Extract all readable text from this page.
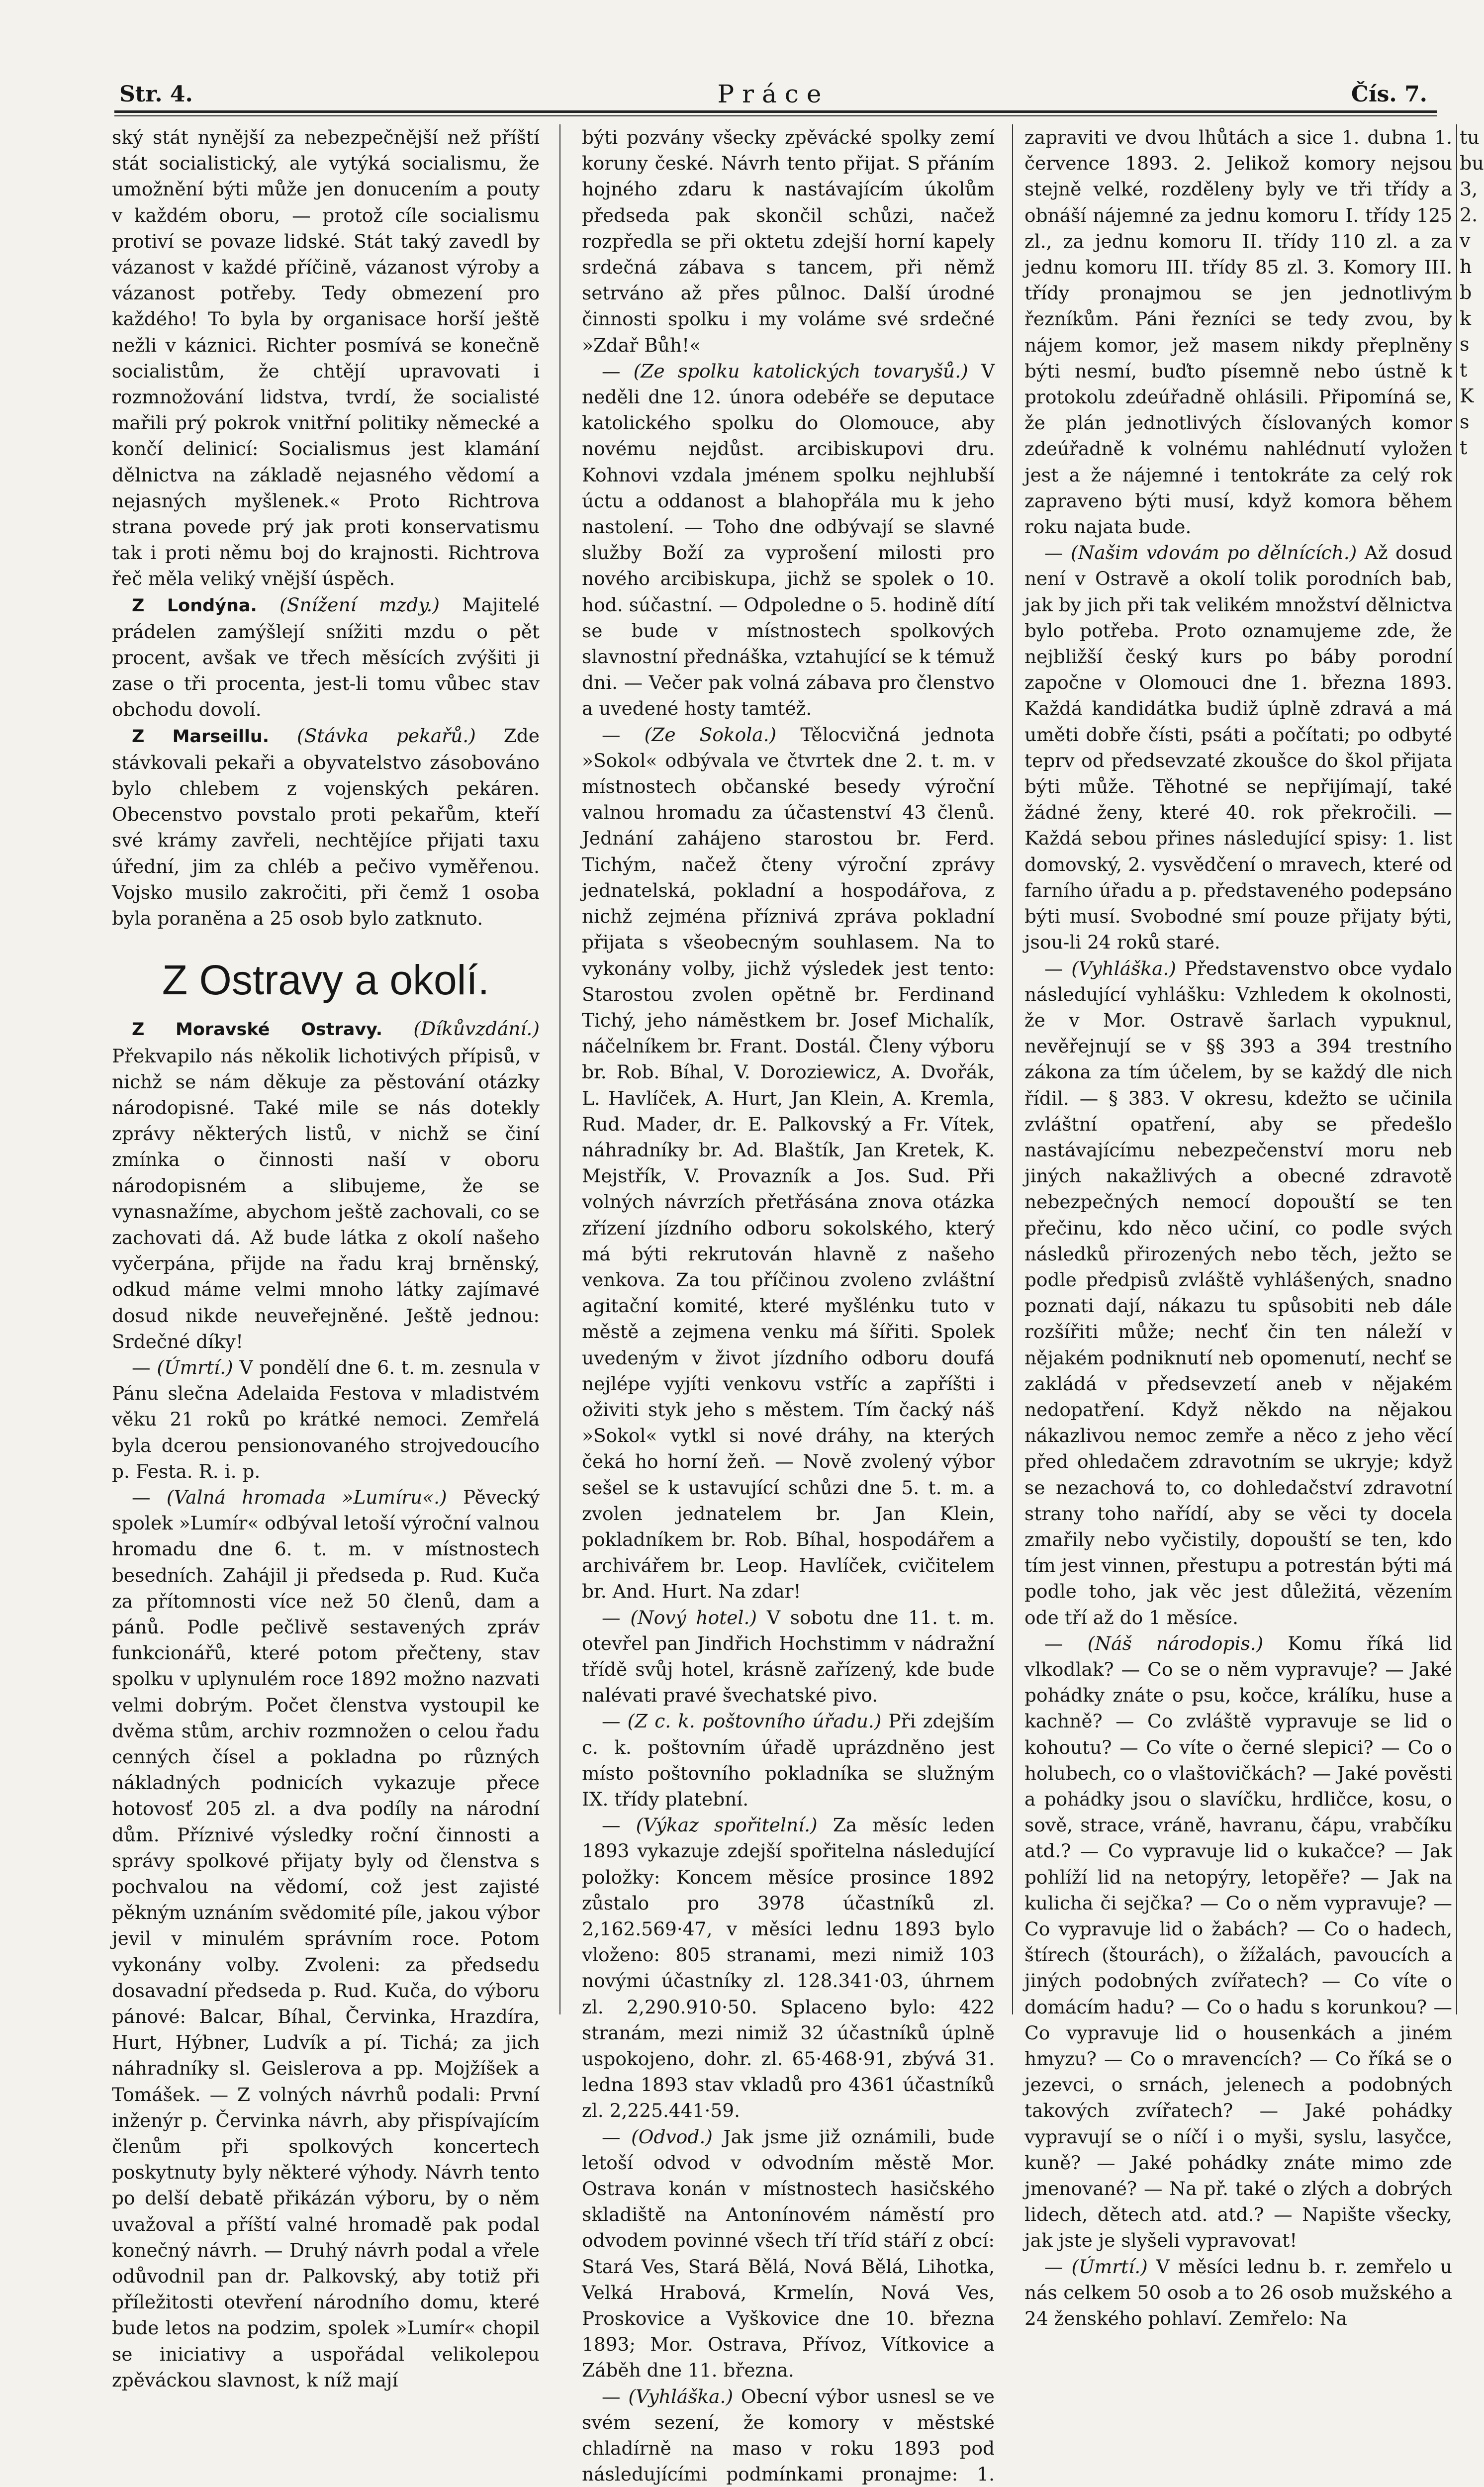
Str. 4.	Práce	Čís. 7.

ský stát nynější za nebezpečnější než příští stát socialistický, ale vytýká socialismu, že umožnění býti může jen donucením a pouty v každém oboru, — protož cíle socialismu protiví se povaze lidské. Stát taký zavedl by vázanost v každé příčině, vázanost výroby a vázanost potřeby. Tedy obmezení pro každého! To byla by organisace horší ještě nežli v káznici. Richter posmívá se konečně socialistům, že chtějí upravovati i rozmnožování lidstva, tvrdí, že socialisté mařili prý pokrok vnitřní politiky německé a končí delinicí: Socialismus jest klamání dělnictva na základě nejasného vědomí a nejasných myšlenek.« Proto Richtrova strana povede prý jak proti konservatismu tak i proti němu boj do krajnosti. Richtrova řeč měla veliký vnější úspěch.

Z Londýna. (Snížení mzdy.) Majitelé prádelen zamýšlejí snížiti mzdu o pět procent, avšak ve třech měsících zvýšiti ji zase o tři procenta, jest-li tomu vůbec stav obchodu dovolí.

Z Marseillu. (Stávka pekařů.) Zde stávkovali pekaři a obyvatelstvo zásobováno bylo chlebem z vojenských pekáren. Obecenstvo povstalo proti pekařům, kteří své krámy zavřeli, nechtějíce přijati taxu úřední, jim za chléb a pečivo vyměřenou. Vojsko musilo zakročiti, při čemž 1 osoba byla poraněna a 25 osob bylo zatknuto.

Z Ostravy a okolí.

Z Moravské Ostravy. (Díkůvzdání.) Překvapilo nás několik lichotivých přípisů, v nichž se nám děkuje za pěstování otázky národopisné. Také mile se nás dotekly zprávy některých listů, v nichž se činí zmínka o činnosti naší v oboru národopisném a slibujeme, že se vynasnažíme, abychom ještě zachovali, co se zachovati dá. Až bude látka z okolí našeho vyčerpána, přijde na řadu kraj brněnský, odkud máme velmi mnoho látky zajímavé dosud nikde neuveřejněné. Ještě jednou: Srdečné díky!

— (Úmrtí.) V pondělí dne 6. t. m. zesnula v Pánu slečna Adelaida Festova v mladistvém věku 21 roků po krátké nemoci. Zemřelá byla dcerou pensionovaného strojvedoucího p. Festa. R. i. p.

— (Valná hromada »Lumíru«.) Pěvecký spolek »Lumír« odbýval letoší výroční valnou hromadu dne 6. t. m. v místnostech besedních. Zahájil ji předseda p. Rud. Kuča za přítomnosti více než 50 členů, dam a pánů. Podle pečlivě sestavených zpráv funkcionářů, které potom přečteny, stav spolku v uplynulém roce 1892 možno nazvati velmi dobrým. Počet členstva vystoupil ke dvěma stům, archiv rozmnožen o celou řadu cenných čísel a pokladna po různých nákladných podnicích vykazuje přece hotovosť 205 zl. a dva podíly na národní dům. Příznivé výsledky roční činnosti a správy spolkové přijaty byly od členstva s pochvalou na vědomí, což jest zajisté pěkným uznáním svědomité píle, jakou výbor jevil v minulém správním roce. Potom vykonány volby. Zvoleni: za předsedu dosavadní předseda p. Rud. Kuča, do výboru pánové: Balcar, Bíhal, Červinka, Hrazdíra, Hurt, Hýbner, Ludvík a pí. Tichá; za jich náhradníky sl. Geislerova a pp. Mojžíšek a Tomášek. — Z volných návrhů podali: První inženýr p. Červinka návrh, aby přispívajícím členům při spolkových koncertech poskytnuty byly některé výhody. Návrh tento po delší debatě přikázán výboru, by o něm uvažoval a příští valné hromadě pak podal konečný návrh. — Druhý návrh podal a vřele odůvodnil pan dr. Palkovský, aby totiž při příležitosti otevření národního domu, které bude letos na podzim, spolek »Lumír« chopil se iniciativy a uspořádal velikolepou zpěváckou slavnost, k níž mají

býti pozvány všecky zpěvácké spolky zemí koruny české. Návrh tento přijat. S přáním hojného zdaru k nastávajícím úkolům předseda pak skončil schůzi, načež rozpředla se při oktetu zdejší horní kapely srdečná zábava s tancem, při němž setrváno až přes půlnoc. Další úrodné činnosti spolku i my voláme své srdečné »Zdař Bůh!«

— (Ze spolku katolických tovaryšů.) V neděli dne 12. února odebéře se deputace katolického spolku do Olomouce, aby novému nejdůst. arcibiskupovi dru. Kohnovi vzdala jménem spolku nejhlubší úctu a oddanost a blahopřála mu k jeho nastolení. — Toho dne odbývají se slavné služby Boží za vyprošení milosti pro nového arcibiskupa, jichž se spolek o 10. hod. súčastní. — Odpoledne o 5. hodině dítí se bude v místnostech spolkových slavnostní přednáška, vztahující se k témuž dni. — Večer pak volná zábava pro členstvo a uvedené hosty tamtéž.

— (Ze Sokola.) Tělocvičná jednota »Sokol« odbývala ve čtvrtek dne 2. t. m. v místnostech občanské besedy výroční valnou hromadu za účastenství 43 členů. Jednání zahájeno starostou br. Ferd. Tichým, načež čteny výroční zprávy jednatelská, pokladní a hospodářova, z nichž zejména příznivá zpráva pokladní přijata s všeobecným souhlasem. Na to vykonány volby, jichž výsledek jest tento: Starostou zvolen opětně br. Ferdinand Tichý, jeho náměstkem br. Josef Michalík, náčelníkem br. Frant. Dostál. Členy výboru br. Rob. Bíhal, V. Doroziewicz, A. Dvořák, L. Havlíček, A. Hurt, Jan Klein, A. Kremla, Rud. Mader, dr. E. Palkovský a Fr. Vítek, náhradníky br. Ad. Blaštík, Jan Kretek, K. Mejstřík, V. Provazník a Jos. Sud. Při volných návrzích přetřásána znova otázka zřízení jízdního odboru sokolského, který má býti rekrutován hlavně z našeho venkova. Za tou příčinou zvoleno zvláštní agitační komité, které myšlénku tuto v městě a zejmena venku má šířiti. Spolek uvedeným v život jízdního odboru doufá nejlépe vyjíti venkovu vstříc a zapříšti i oživiti styk jeho s městem. Tím čacký náš »Sokol« vytkl si nové dráhy, na kterých čeká ho horní žeň. — Nově zvolený výbor sešel se k ustavující schůzi dne 5. t. m. a zvolen jednatelem br. Jan Klein, pokladníkem br. Rob. Bíhal, hospodářem a archivářem br. Leop. Havlíček, cvičitelem br. And. Hurt. Na zdar!

— (Nový hotel.) V sobotu dne 11. t. m. otevřel pan Jindřich Hochstimm v nádražní třídě svůj hotel, krásně zařízený, kde bude nalévati pravé švechatské pivo.

— (Z c. k. poštovního úřadu.) Při zdejším c. k. poštovním úřadě uprázdněno jest místo poštovního pokladníka se služným IX. třídy platební.

— (Výkaz spořitelní.) Za měsíc leden 1893 vykazuje zdejší spořitelna následující položky: Koncem měsíce prosince 1892 zůstalo pro 3978 účastníků zl. 2,162.569·47, v měsíci lednu 1893 bylo vloženo: 805 stranami, mezi nimiž 103 novými účastníky zl. 128.341·03, úhrnem zl. 2,290.910·50. Splaceno bylo: 422 stranám, mezi nimiž 32 účastníků úplně uspokojeno, dohr. zl. 65·468·91, zbývá 31. ledna 1893 stav vkladů pro 4361 účastníků zl. 2,225.441·59.

— (Odvod.) Jak jsme již oznámili, bude letoší odvod v odvodním městě Mor. Ostrava konán v místnostech hasičského skladiště na Antonínovém náměstí pro odvodem povinné všech tří tříd stáří z obcí: Stará Ves, Stará Bělá, Nová Bělá, Lihotka, Velká Hrabová, Krmelín, Nová Ves, Proskovice a Vyškovice dne 10. března 1893; Mor. Ostrava, Přívoz, Vítkovice a Záběh dne 11. března.

— (Vyhláška.) Obecní výbor usnesl se ve svém sezení, že komory v městské chladírně na maso v roku 1893 pod následujícími podmínkami pronajme: 1.

zapraviti ve dvou lhůtách a sice 1. dubna 1. července 1893. 2. Jelikož komory nejsou stejně velké, rozděleny byly ve tři třídy a obnáší nájemné za jednu komoru I. třídy 125 zl., za jednu komoru II. třídy 110 zl. a za jednu komoru III. třídy 85 zl. 3. Komory III. třídy pronajmou se jen jednotlivým řezníkům. Páni řezníci se tedy zvou, by nájem komor, jež masem nikdy přeplněny býti nesmí, buďto písemně nebo ústně k protokolu zdeúřadně ohlásili. Připomíná se, že plán jednotlivých číslovaných komor zdeúřadně k volnému nahlédnutí vyložen jest a že nájemné i tentokráte za celý rok zapraveno býti musí, když komora během roku najata bude.

— (Našim vdovám po dělnících.) Až dosud není v Ostravě a okolí tolik porodních bab, jak by jich při tak velikém množství dělnictva bylo potřeba. Proto oznamujeme zde, že nejbližší český kurs po báby porodní započne v Olomouci dne 1. března 1893. Každá kandidátka budiž úplně zdravá a má uměti dobře čísti, psáti a počítati; po odbyté teprv od předsevzaté zkoušce do škol přijata býti může. Těhotné se nepřijímají, také žádné ženy, které 40. rok překročili. — Každá sebou přines následující spisy: 1. list domovský, 2. vysvědčení o mravech, které od farního úřadu a p. představeného podepsáno býti musí. Svobodné smí pouze přijaty býti, jsou-li 24 roků staré.

— (Vyhláška.) Představenstvo obce vydalo následující vyhlášku: Vzhledem k okolnosti, že v Mor. Ostravě šarlach vypuknul, nevěřejnují se v §§ 393 a 394 trestního zákona za tím účelem, by se každý dle nich řídil. — § 383. V okresu, kdežto se učinila zvláštní opatření, aby se předešlo nastávajícímu nebezpečenství moru neb jiných nakažlivých a obecné zdravotě nebezpečných nemocí dopouští se ten přečinu, kdo něco učiní, co podle svých následků přirozených nebo těch, ježto se podle předpisů zvláště vyhlášených, snadno poznati dají, nákazu tu spůsobiti neb dále rozšířiti může; nechť čin ten náleží v nějakém podniknutí neb opomenutí, nechť se zakládá v předsevzetí aneb v nějakém nedopatření. Když někdo na nějakou nákazlivou nemoc zemře a něco z jeho věcí před ohledačem zdravotním se ukryje; když se nezachová to, co dohledačství zdravotní strany toho nařídí, aby se věci ty docela zmařily nebo vyčistily, dopouští se ten, kdo tím jest vinnen, přestupu a potrestán býti má podle toho, jak věc jest důležitá, vězením ode tří až do 1 měsíce.

— (Náš národopis.) Komu říká lid vlkodlak? — Co se o něm vypravuje? — Jaké pohádky znáte o psu, kočce, králíku, huse a kachně? — Co zvláště vypravuje se lid o kohoutu? — Co víte o černé slepici? — Co o holubech, co o vlaštovičkách? — Jaké pověsti a pohádky jsou o slavíčku, hrdličce, kosu, o sově, strace, vráně, havranu, čápu, vrabčíku atd.? — Co vypravuje lid o kukačce? — Jak pohlíží lid na netopýry, letopěře? — Jak na kulicha či sejčka? — Co o něm vypravuje? — Co vypravuje lid o žabách? — Co o hadech, štírech (štourách), o žížalách, pavoucích a jiných podobných zvířatech? — Co víte o domácím hadu? — Co o hadu s korunkou? — Co vypravuje lid o housenkách a jiném hmyzu? — Co o mravencích? — Co říká se o jezevci, o srnách, jelenech a podobných takových zvířatech? — Jaké pohádky vypravují se o níčí i o myši, syslu, lasyčce, kuně? — Jaké pohádky znáte mimo zde jmenované? — Na př. také o zlých a dobrých lidech, dětech atd. atd.? — Napište všecky, jak jste je slyšeli vypravovat!

— (Úmrtí.) V měsíci lednu b. r. zemřelo u nás celkem 50 osob a to 26 osob mužského a 24 ženského pohlaví. Zemřelo: Na

tu
bu
3,
2.
v
h
b
k
s
t
K
s
t
